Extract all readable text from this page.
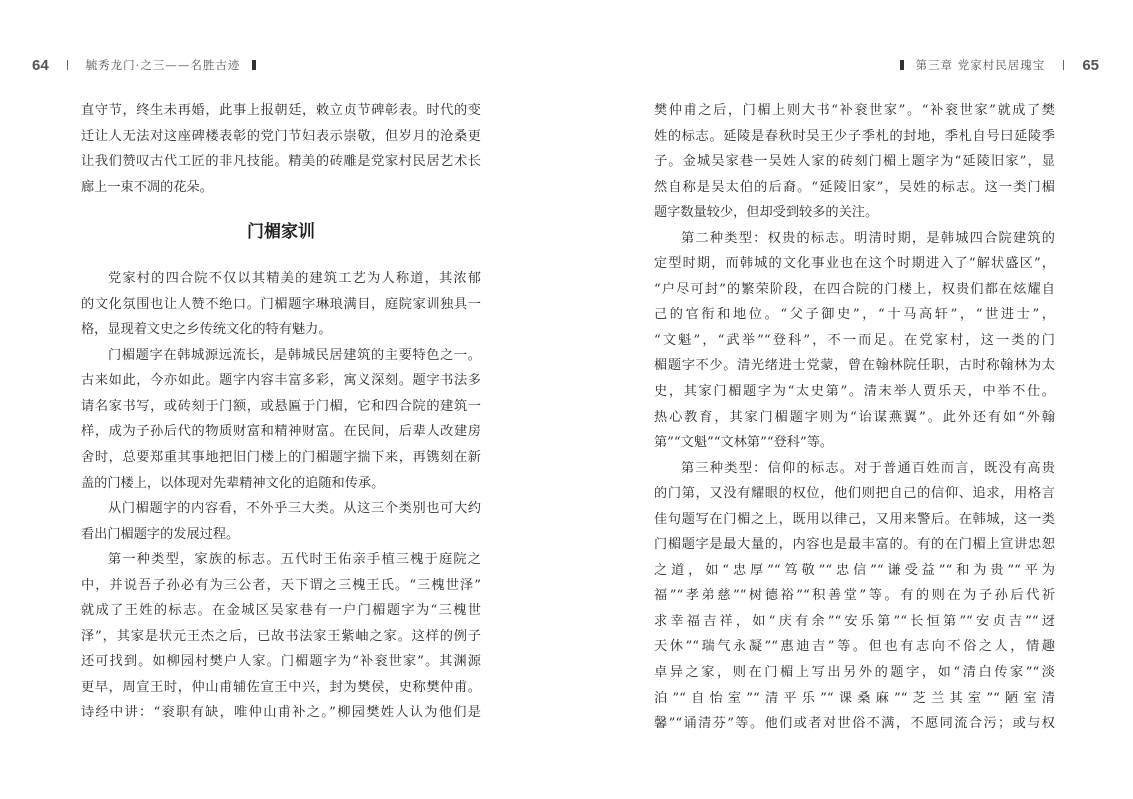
64	毓秀龙门·之三——名胜古迹
直守节，终生未再婚，此事上报朝廷，敕立贞节碑彰表。时代的变
迁让人无法对这座碑楼表彰的党门节妇表示崇敬，但岁月的沧桑更
让我们赞叹古代工匠的非凡技能。精美的砖雕是党家村民居艺术长
廊上一束不凋的花朵。
门楣家训
党家村的四合院不仅以其精美的建筑工艺为人称道，其浓郁
的文化氛围也让人赞不绝口。门楣题字琳琅满目，庭院家训独具一
格，显现着文史之乡传统文化的特有魅力。
门楣题字在韩城源远流长，是韩城民居建筑的主要特色之一。
古来如此，今亦如此。题字内容丰富多彩，寓义深刻。题字书法多
请名家书写，或砖刻于门额，或悬匾于门楣，它和四合院的建筑一
样，成为子孙后代的物质财富和精神财富。在民间，后辈人改建房
舍时，总要郑重其事地把旧门楼上的门楣题字揣下来，再镌刻在新
盖的门楼上，以体现对先辈精神文化的追随和传承。
从门楣题字的内容看，不外乎三大类。从这三个类别也可大约
看出门楣题字的发展过程。
第一种类型，家族的标志。五代时王佑亲手植三槐于庭院之
中，并说吾子孙必有为三公者，天下谓之三槐王氏。“三槐世泽”
就成了王姓的标志。在金城区吴家巷有一户门楣题字为“三槐世
泽”，其家是状元王杰之后，已故书法家王紫岫之家。这样的例子
还可找到。如柳园村樊户人家。门楣题字为“补衮世家”。其渊源
更早，周宣王时，仲山甫辅佐宣王中兴，封为樊侯，史称樊仲甫。
诗经中讲：“衮职有缺，唯仲山甫补之。”柳园樊姓人认为他们是
第三章 党家村民居瑰宝 65
樊仲甫之后，门楣上则大书“补衮世家”。“补衮世家”就成了樊
姓的标志。延陵是春秋时吴王少子季札的封地，季札自号曰延陵季
子。金城吴家巷一吴姓人家的砖刻门楣上题字为“延陵旧家”，显
然自称是吴太伯的后裔。“延陵旧家”，吴姓的标志。这一类门楣
题字数量较少，但却受到较多的关注。
第二种类型：权贵的标志。明清时期，是韩城四合院建筑的
定型时期，而韩城的文化事业也在这个时期进入了“解状盛区”，
“户尽可封”的繁荣阶段，在四合院的门楼上，权贵们都在炫耀自
己的官衔和地位。“父子御史”，“十马高轩”，“世进士”，
“文魁”，“武举”“登科”，不一而足。在党家村，这一类的门
楣题字不少。清光绪进士党蒙，曾在翰林院任职，古时称翰林为太
史，其家门楣题字为“太史第”。清末举人贾乐天，中举不仕。
热心教育，其家门楣题字则为“诒谋燕翼”。此外还有如“外翰
第”“文魁”“文林第”“登科”等。
第三种类型：信仰的标志。对于普通百姓而言，既没有高贵
的门第，又没有耀眼的权位，他们则把自己的信仰、追求，用格言
佳句题写在门楣之上，既用以律己，又用来警后。在韩城，这一类
门楣题字是最大量的，内容也是最丰富的。有的在门楣上宣讲忠恕
之道，如“忠厚”“笃敬”“忠信”“谦受益”“和为贵”“平为
福”“孝弟慈”“树德裕”“积善堂”等。有的则在为子孙后代祈
求幸福吉祥，如“庆有余”“安乐第”“长恒第”“安贞吉”“迓
天休”“瑞气永凝”“惠迪吉”等。但也有志向不俗之人，情趣
卓异之家，则在门楣上写出另外的题字，如“清白传家”“淡
泊”“自怡室”“清平乐”“课桑麻”“芝兰其室”“陋室清
馨”“诵清芬”等。他们或者对世俗不满，不愿同流合污；或与权
